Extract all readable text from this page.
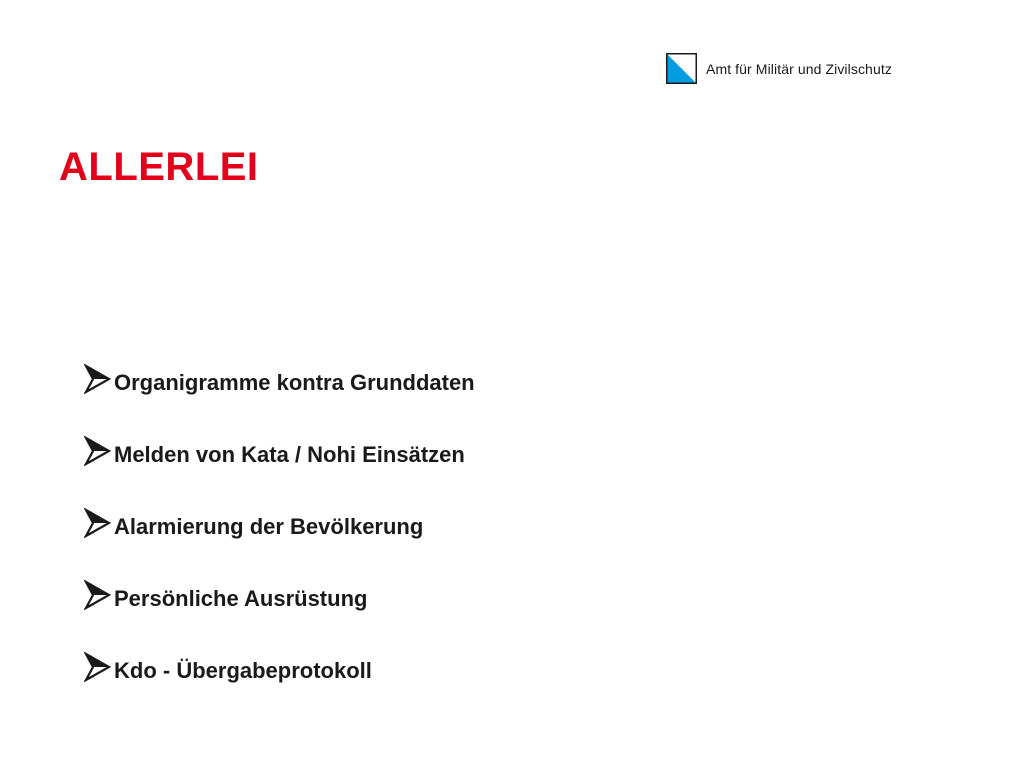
Amt für Militär und Zivilschutz
ALLERLEI
Organigramme kontra Grunddaten
Melden von Kata / Nohi Einsätzen
Alarmierung der Bevölkerung
Persönliche Ausrüstung
Kdo - Übergabeprotokoll
